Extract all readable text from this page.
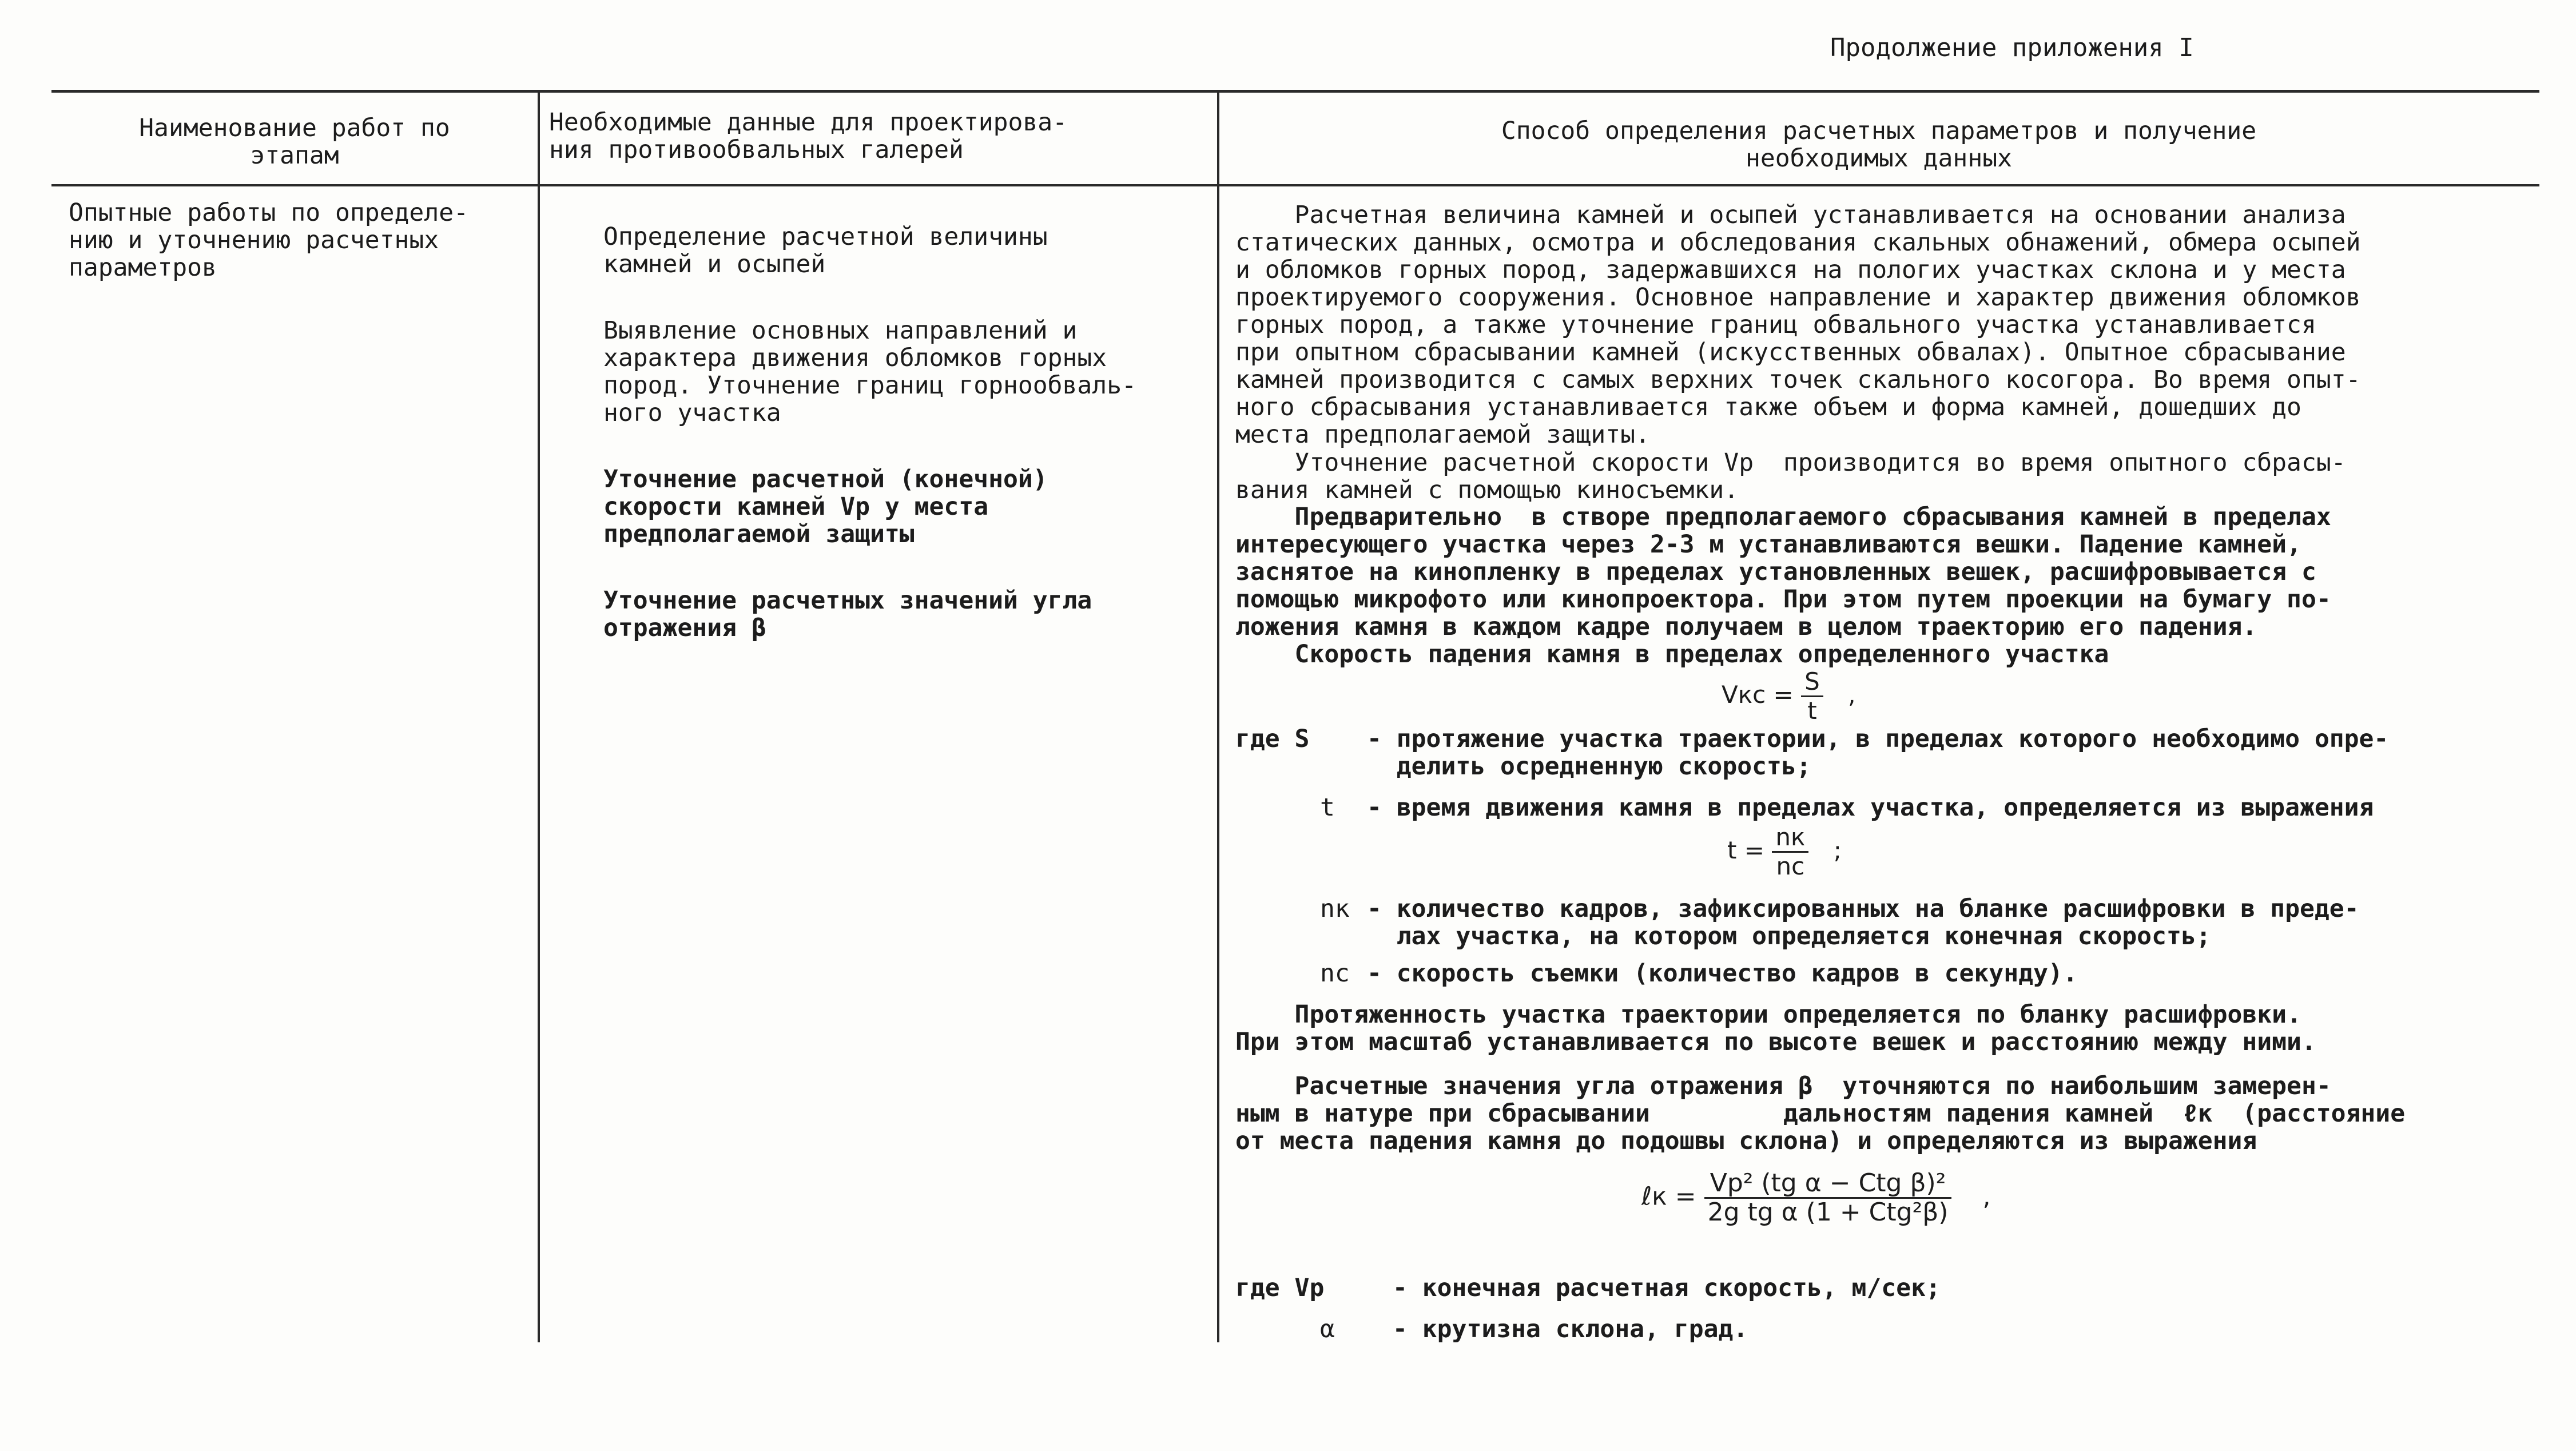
Продолжение приложения I
Наименование работ по
этапам
Необходимые данные для проектирова-
ния противообвальных галерей
Способ определения расчетных параметров и получение
необходимых данных
Опытные работы по определе-
нию и уточнению расчетных
параметров

Определение расчетной величины
камней и осыпей

Выявление основных направлений и
характера движения обломков горных
пород. Уточнение границ горнообваль-
ного участка

Уточнение расчетной (конечной)
скорости камней Vр у места
предполагаемой защиты

Уточнение расчетных значений угла
отражения β

Расчетная величина камней и осыпей устанавливается на основании анализа
статических данных, осмотра и обследования скальных обнажений, обмера осыпей
и обломков горных пород, задержавшихся на пологих участках склона и у места
проектируемого сооружения. Основное направление и характер движения обломков
горных пород, а также уточнение границ обвального участка устанавливается
при опытном сбрасывании камней (искусственных обвалах). Опытное сбрасывание
камней производится с самых верхних точек скального косогора. Во время опыт-
ного сбрасывания устанавливается также объем и форма камней, дошедших до
места предполагаемой защиты.
Уточнение расчетной скорости Vр  производится во время опытного сбрасы-
вания камней с помощью киносъемки.
Предварительно  в створе предполагаемого сбрасывания камней в пределах
интересующего участка через 2-3 м устанавливаются вешки. Падение камней,
заснятое на кинопленку в пределах установленных вешек, расшифровывается с
помощью микрофото или кинопроектора. При этом путем проекции на бумагу по-
ложения камня в каждом кадре получаем в целом траекторию его падения.
Скорость падения камня в пределах определенного участка
Vкс = $\frac{S}{t}$ ,
где S - протяжение участка траектории, в пределах которого необходимо опре-
делить осредненную скорость;
t - время движения камня в пределах участка, определяется из выражения
$t = \frac{nк}{nс}$ ;
nк - количество кадров, зафиксированных на бланке расшифровки в преде-
лах участка, на котором определяется конечная скорость;
nс - скорость съемки (количество кадров в секунду).
Протяженность участка траектории определяется по бланку расшифровки.
При этом масштаб устанавливается по высоте вешек и расстоянию между ними.
Расчетные значения угла отражения β  уточняются по наибольшим замерен-
ным в натуре при сбрасывании         дальностям падения камней  ℓк  (расстояние
от места падения камня до подошвы склона) и определяются из выражения
ℓк = $\frac{\text{Vр² (tg α − Ctg β)²}}{\text{2g tg α (1 + Ctg²β)}}$ ,
где Vр	- конечная расчетная скорость, м/сек;
α - крутизна склона, град.
